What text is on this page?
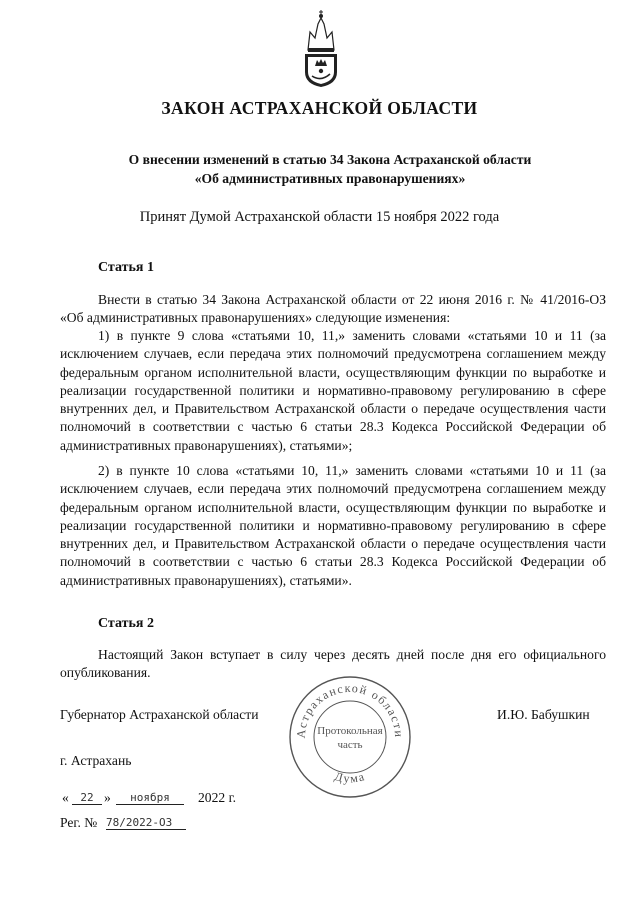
ЗАКОН АСТРАХАНСКОЙ ОБЛАСТИ
О внесении изменений в статью 34 Закона Астраханской области
«Об административных правонарушениях»
Принят Думой Астраханской области 15 ноября 2022 года
Статья 1

Внести в статью 34 Закона Астраханской области от 22 июня 2016 г. № 41/2016-ОЗ «Об административных правонарушениях» следующие изменения:

1) в пункте 9 слова «статьями 10, 11,» заменить словами «статьями 10 и 11 (за исключением случаев, если передача этих полномочий предусмотрена соглашением между федеральным органом исполнительной власти, осуществляющим функции по выработке и реализации государственной политики и нормативно-правовому регулированию в сфере внутренних дел, и Правительством Астраханской области о передаче осуществления части полномочий в соответствии с частью 6 статьи 28.3 Кодекса Российской Федерации об административных правонарушениях), статьями»;

2) в пункте 10 слова «статьями 10, 11,» заменить словами «статьями 10 и 11 (за исключением случаев, если передача этих полномочий предусмотрена соглашением между федеральным органом исполнительной власти, осуществляющим функции по выработке и реализации государственной политики и нормативно-правовому регулированию в сфере внутренних дел, и Правительством Астраханской области о передаче осуществления части полномочий в соответствии с частью 6 статьи 28.3 Кодекса Российской Федерации об административных правонарушениях), статьями».

Статья 2

Настоящий Закон вступает в силу через десять дней после дня его официального опубликования.

Губернатор Астраханской области	И.Ю. Бабушкин
Астраханской области
Дума
Протокольная
часть
г. Астрахань
«	22 »	ноября	2022 г.
Рег. № 78/2022-ОЗ
